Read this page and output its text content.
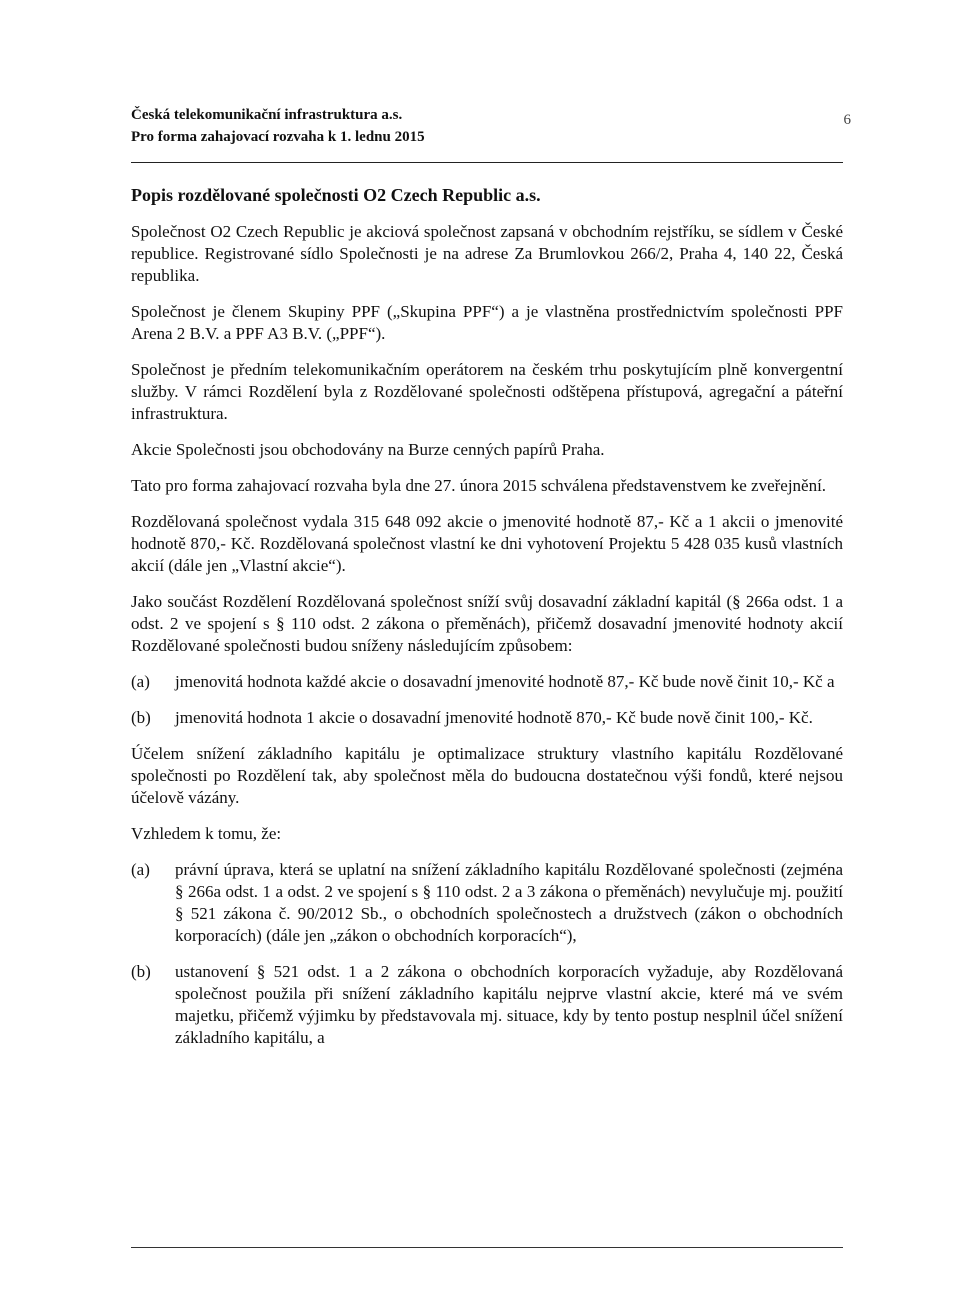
Česká telekomunikační infrastruktura a.s.
Pro forma zahajovací rozvaha k 1. lednu 2015
6
Popis rozdělované společnosti O2 Czech Republic a.s.

Společnost O2 Czech Republic je akciová společnost zapsaná v obchodním rejstříku, se sídlem v České republice. Registrované sídlo Společnosti je na adrese Za Brumlovkou 266/2, Praha 4, 140 22, Česká republika.

Společnost je členem Skupiny PPF („Skupina PPF“) a je vlastněna prostřednictvím společnosti PPF Arena 2 B.V. a PPF A3 B.V. („PPF“).

Společnost je předním telekomunikačním operátorem na českém trhu poskytujícím plně konvergentní služby. V rámci Rozdělení byla z Rozdělované společnosti odštěpena přístupová, agregační a páteřní infrastruktura.

Akcie Společnosti jsou obchodovány na Burze cenných papírů Praha.

Tato pro forma zahajovací rozvaha byla dne 27. února 2015 schválena představenstvem ke zveřejnění.

Rozdělovaná společnost vydala 315 648 092 akcie o jmenovité hodnotě 87,- Kč a 1 akcii o jmenovité hodnotě 870,- Kč. Rozdělovaná společnost vlastní ke dni vyhotovení Projektu 5 428 035 kusů vlastních akcií (dále jen „Vlastní akcie“).

Jako součást Rozdělení Rozdělovaná společnost sníží svůj dosavadní základní kapitál (§ 266a odst. 1 a odst. 2 ve spojení s § 110 odst. 2 zákona o přeměnách), přičemž dosavadní jmenovité hodnoty akcií Rozdělované společnosti budou sníženy následujícím způsobem:

(a)	jmenovitá hodnota každé akcie o dosavadní jmenovité hodnotě 87,- Kč bude nově činit 10,- Kč a
(b)	jmenovitá hodnota 1 akcie o dosavadní jmenovité hodnotě 870,- Kč bude nově činit 100,- Kč.

Účelem snížení základního kapitálu je optimalizace struktury vlastního kapitálu Rozdělované společnosti po Rozdělení tak, aby společnost měla do budoucna dostatečnou výši fondů, které nejsou účelově vázány.

Vzhledem k tomu, že:

(a)	právní úprava, která se uplatní na snížení základního kapitálu Rozdělované společnosti (zejména § 266a odst. 1 a odst. 2 ve spojení s § 110 odst. 2 a 3 zákona o přeměnách) nevylučuje mj. použití § 521 zákona č. 90/2012 Sb., o obchodních společnostech a družstvech (zákon o obchodních korporacích) (dále jen „zákon o obchodních korporacích“),
(b)	ustanovení § 521 odst. 1 a 2 zákona o obchodních korporacích vyžaduje, aby Rozdělovaná společnost použila při snížení základního kapitálu nejprve vlastní akcie, které má ve svém majetku, přičemž výjimku by představovala mj. situace, kdy by tento postup nesplnil účel snížení základního kapitálu, a
